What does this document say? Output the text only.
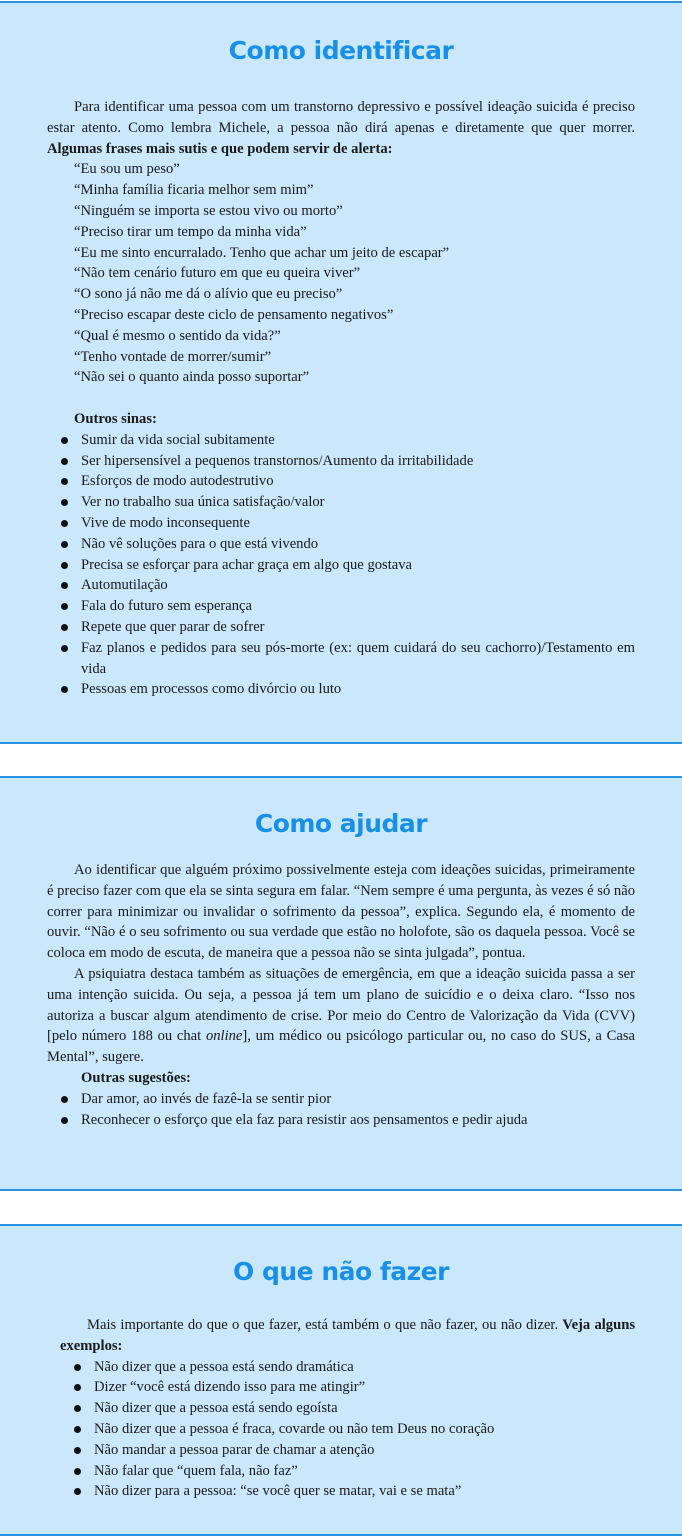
Como identificar

Para identificar uma pessoa com um transtorno depressivo e possível ideação suicida é preciso estar atento. Como lembra Michele, a pessoa não dirá apenas e diretamente que quer morrer. Algumas frases mais sutis e que podem servir de alerta:

“Eu sou um peso”
“Minha família ficaria melhor sem mim”
“Ninguém se importa se estou vivo ou morto”
“Preciso tirar um tempo da minha vida”
“Eu me sinto encurralado. Tenho que achar um jeito de escapar”
“Não tem cenário futuro em que eu queira viver”
“O sono já não me dá o alívio que eu preciso”
“Preciso escapar deste ciclo de pensamento negativos”
“Qual é mesmo o sentido da vida?”
“Tenho vontade de morrer/sumir”
“Não sei o quanto ainda posso suportar”

Outros sinas:

Sumir da vida social subitamente
Ser hipersensível a pequenos transtornos/Aumento da irritabilidade
Esforços de modo autodestrutivo
Ver no trabalho sua única satisfação/valor
Vive de modo inconsequente
Não vê soluções para o que está vivendo
Precisa se esforçar para achar graça em algo que gostava
Automutilação
Fala do futuro sem esperança
Repete que quer parar de sofrer
Faz planos e pedidos para seu pós-morte (ex: quem cuidará do seu cachorro)/Testamento em vida
Pessoas em processos como divórcio ou luto
Como ajudar

Ao identificar que alguém próximo possivelmente esteja com ideações suicidas, primeiramente é preciso fazer com que ela se sinta segura em falar. “Nem sempre é uma pergunta, às vezes é só não correr para minimizar ou invalidar o sofrimento da pessoa”, explica. Segundo ela, é momento de ouvir. “Não é o seu sofrimento ou sua verdade que estão no holofote, são os daquela pessoa. Você se coloca em modo de escuta, de maneira que a pessoa não se sinta julgada”, pontua.

A psiquiatra destaca também as situações de emergência, em que a ideação suicida passa a ser uma intenção suicida. Ou seja, a pessoa já tem um plano de suicídio e o deixa claro. “Isso nos autoriza a buscar algum atendimento de crise. Por meio do Centro de Valorização da Vida (CVV) [pelo número 188 ou chat online], um médico ou psicólogo particular ou, no caso do SUS, a Casa Mental”, sugere.

Outras sugestões:

Dar amor, ao invés de fazê-la se sentir pior
Reconhecer o esforço que ela faz para resistir aos pensamentos e pedir ajuda
O que não fazer

Mais importante do que o que fazer, está também o que não fazer, ou não dizer. Veja alguns exemplos:

Não dizer que a pessoa está sendo dramática
Dizer “você está dizendo isso para me atingir”
Não dizer que a pessoa está sendo egoísta
Não dizer que a pessoa é fraca, covarde ou não tem Deus no coração
Não mandar a pessoa parar de chamar a atenção
Não falar que “quem fala, não faz”
Não dizer para a pessoa: “se você quer se matar, vai e se mata”
